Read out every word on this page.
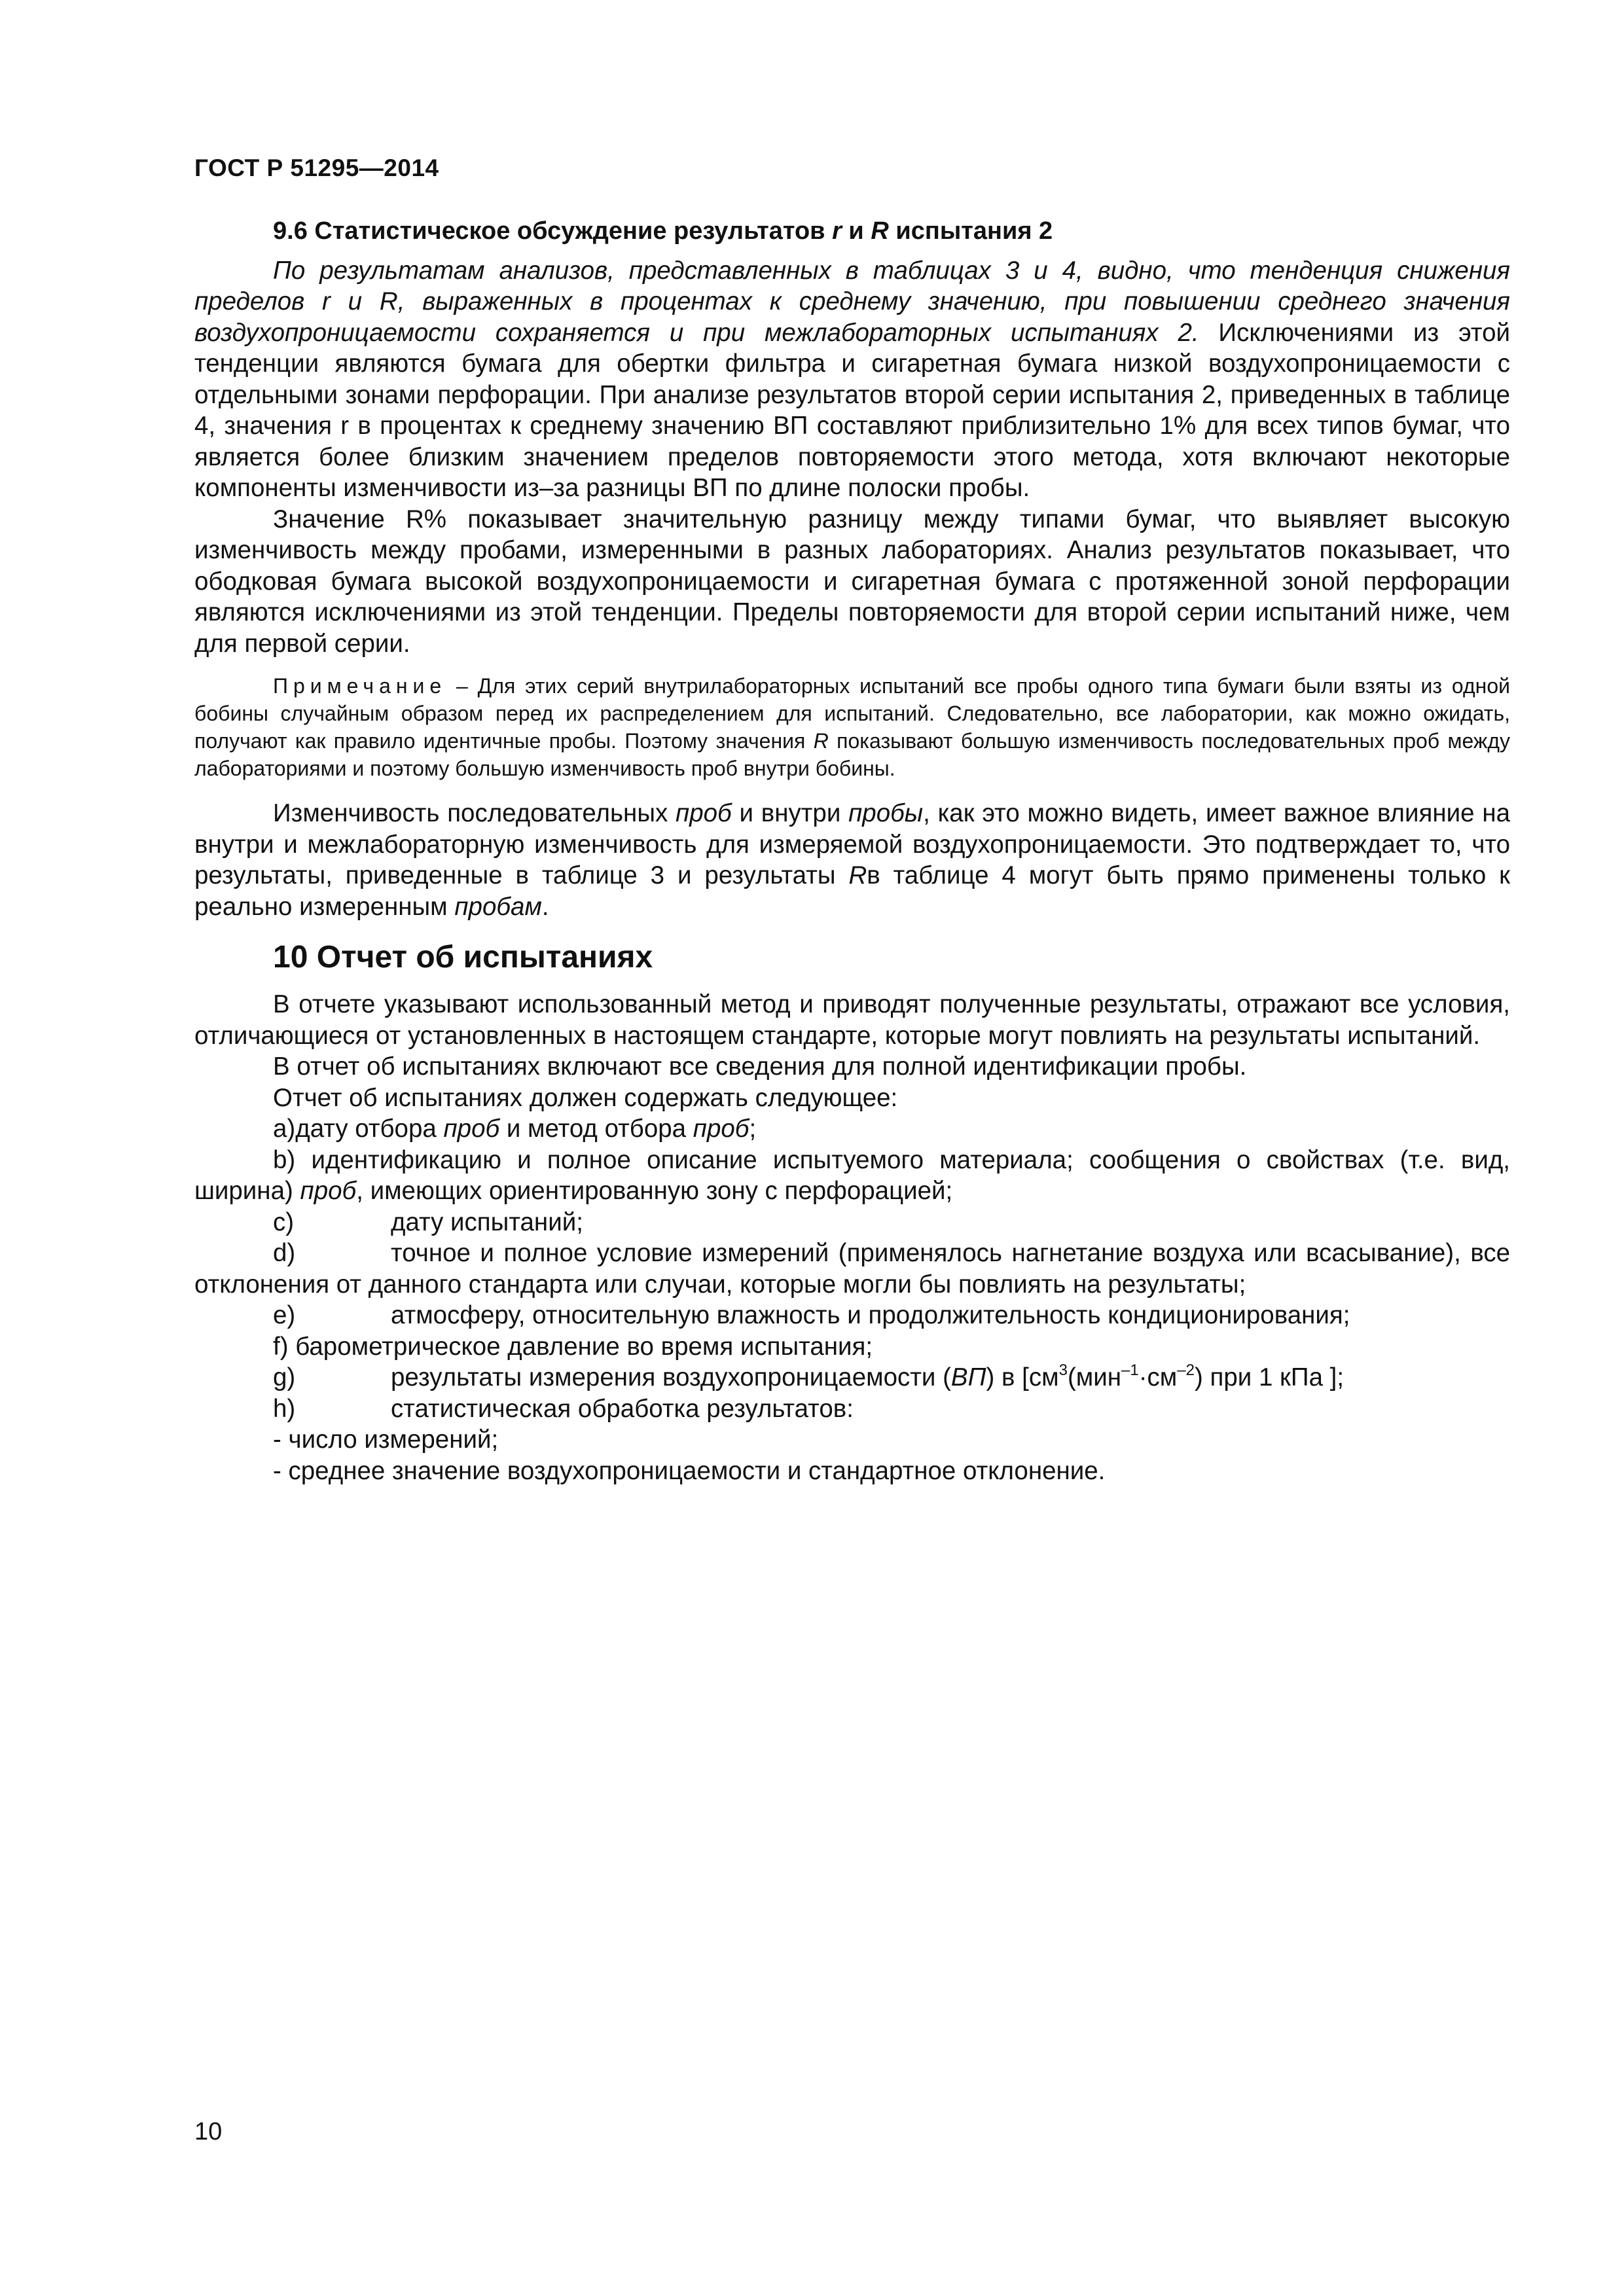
ГОСТ Р 51295—2014

9.6 Статистическое обсуждение результатов r и R испытания 2

По результатам анализов, представленных в таблицах 3 и 4, видно, что тенденция снижения пределов r и R, выраженных в процентах к среднему значению, при повышении среднего значения воздухопроницаемости сохраняется и при межлабораторных испытаниях 2. Исключениями из этой тенденции являются бумага для обертки фильтра и сигаретная бумага низкой воздухопроницаемости с отдельными зонами перфорации. При анализе результатов второй серии испытания 2, приведенных в таблице 4, значения r в процентах к среднему значению ВП составляют приблизительно 1% для всех типов бумаг, что является более близким значением пределов повторяемости этого метода, хотя включают некоторые компоненты изменчивости из–за разницы ВП по длине полоски пробы.

Значение R% показывает значительную разницу между типами бумаг, что выявляет высокую изменчивость между пробами, измеренными в разных лабораториях. Анализ результатов показывает, что ободковая бумага высокой воздухопроницаемости и сигаретная бумага с протяженной зоной перфорации являются исключениями из этой тенденции. Пределы повторяемости для второй серии испытаний ниже, чем для первой серии.

Примечание – Для этих серий внутрилабораторных испытаний все пробы одного типа бумаги были взяты из одной бобины случайным образом перед их распределением для испытаний. Следовательно, все лаборатории, как можно ожидать, получают как правило идентичные пробы. Поэтому значения R показывают большую изменчивость последовательных проб между лабораториями и поэтому большую изменчивость проб внутри бобины.

Изменчивость последовательных проб и внутри пробы, как это можно видеть, имеет важное влияние на внутри и межлабораторную изменчивость для измеряемой воздухопроницаемости. Это подтверждает то, что результаты, приведенные в таблице 3 и результаты Rв таблице 4 могут быть прямо применены только к реально измеренным пробам.

10 Отчет об испытаниях

В отчете указывают использованный метод и приводят полученные результаты, отражают все условия, отличающиеся от установленных в настоящем стандарте, которые могут повлиять на результаты испытаний.

В отчет об испытаниях включают все сведения для полной идентификации пробы.

Отчет об испытаниях должен содержать следующее:

а)дату отбора проб и метод отбора проб;

b) идентификацию и полное описание испытуемого материала; сообщения о свойствах (т.е. вид, ширина) проб, имеющих ориентированную зону с перфорацией;

c)	дату испытаний;

d)	точное и полное условие измерений (применялось нагнетание воздуха или всасывание), все отклонения от данного стандарта или случаи, которые могли бы повлиять на результаты;

e)	атмосферу, относительную влажность и продолжительность кондиционирования;

f) барометрическое давление во время испытания;

g)	результаты измерения воздухопроницаемости (ВП) в [$см^3(мин^{-1}\cdot см^{-2})$ при 1 кПа ];

h)	статистическая обработка результатов:

- число измерений;

- среднее значение воздухопроницаемости и стандартное отклонение.

10
